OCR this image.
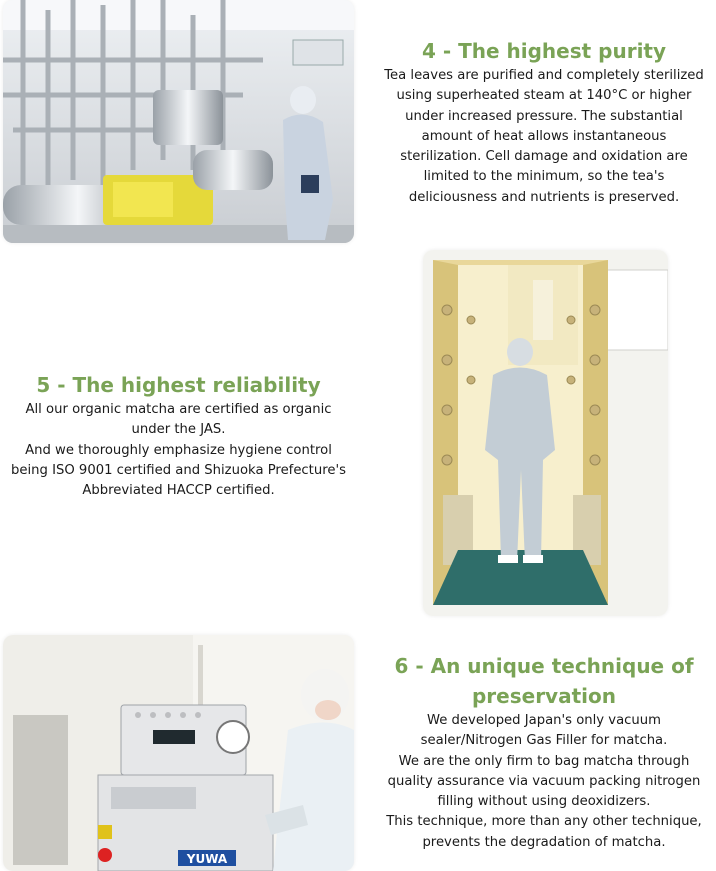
4 - The highest purity

Tea leaves are purified and completely sterilized
using superheated steam at 140°C or higher
under increased pressure. The substantial
amount of heat allows instantaneous
sterilization. Cell damage and oxidation are
limited to the minimum, so the tea's
deliciousness and nutrients is preserved.

5 - The highest reliability

All our organic matcha are certified as organic
under the JAS.
And we thoroughly emphasize hygiene control
being ISO 9001 certified and Shizuoka Prefecture's
Abbreviated HACCP certified.

YUWA

6 - An unique technique of
preservation

We developed Japan's only vacuum
sealer/Nitrogen Gas Filler for matcha.
We are the only firm to bag matcha through
quality assurance via vacuum packing nitrogen
filling without using deoxidizers.
This technique, more than any other technique,
prevents the degradation of matcha.
